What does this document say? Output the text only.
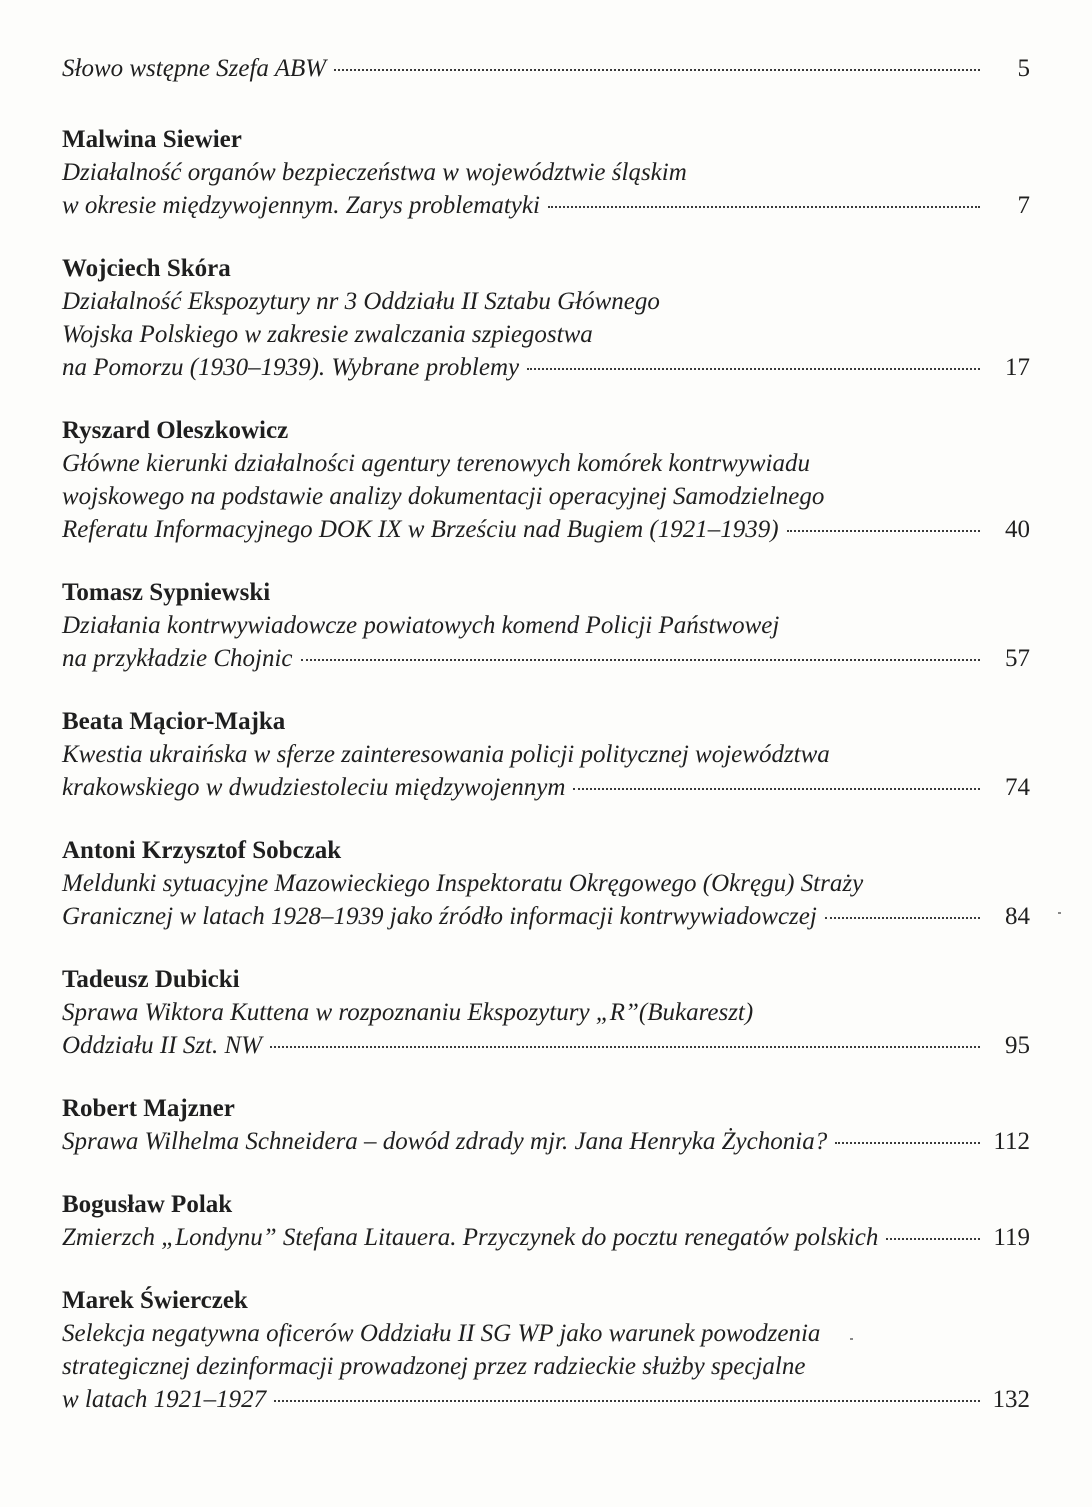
Słowo wstępne Szefa ABW	5
Malwina Siewier
Działalność organów bezpieczeństwa w województwie śląskim
w okresie międzywojennym. Zarys problematyki	7
Wojciech Skóra
Działalność Ekspozytury nr 3 Oddziału II Sztabu Głównego
Wojska Polskiego w zakresie zwalczania szpiegostwa
na Pomorzu (1930–1939). Wybrane problemy	17
Ryszard Oleszkowicz
Główne kierunki działalności agentury terenowych komórek kontrwywiadu
wojskowego na podstawie analizy dokumentacji operacyjnej Samodzielnego
Referatu Informacyjnego DOK IX w Brześciu nad Bugiem (1921–1939)	40
Tomasz Sypniewski
Działania kontrwywiadowcze powiatowych komend Policji Państwowej
na przykładzie Chojnic	57
Beata Mącior-Majka
Kwestia ukraińska w sferze zainteresowania policji politycznej województwa
krakowskiego w dwudziestoleciu międzywojennym	74
Antoni Krzysztof Sobczak
Meldunki sytuacyjne Mazowieckiego Inspektoratu Okręgowego (Okręgu) Straży
Granicznej w latach 1928–1939 jako źródło informacji kontrwywiadowczej	84
Tadeusz Dubicki
Sprawa Wiktora Kuttena w rozpoznaniu Ekspozytury „R”(Bukareszt)
Oddziału II Szt. NW	95
Robert Majzner
Sprawa Wilhelma Schneidera – dowód zdrady mjr. Jana Henryka Żychonia?	112
Bogusław Polak
Zmierzch „Londynu” Stefana Litauera. Przyczynek do pocztu renegatów polskich	119
Marek Świerczek
Selekcja negatywna oficerów Oddziału II SG WP jako warunek powodzenia
strategicznej dezinformacji prowadzonej przez radzieckie służby specjalne
w latach 1921–1927	132
